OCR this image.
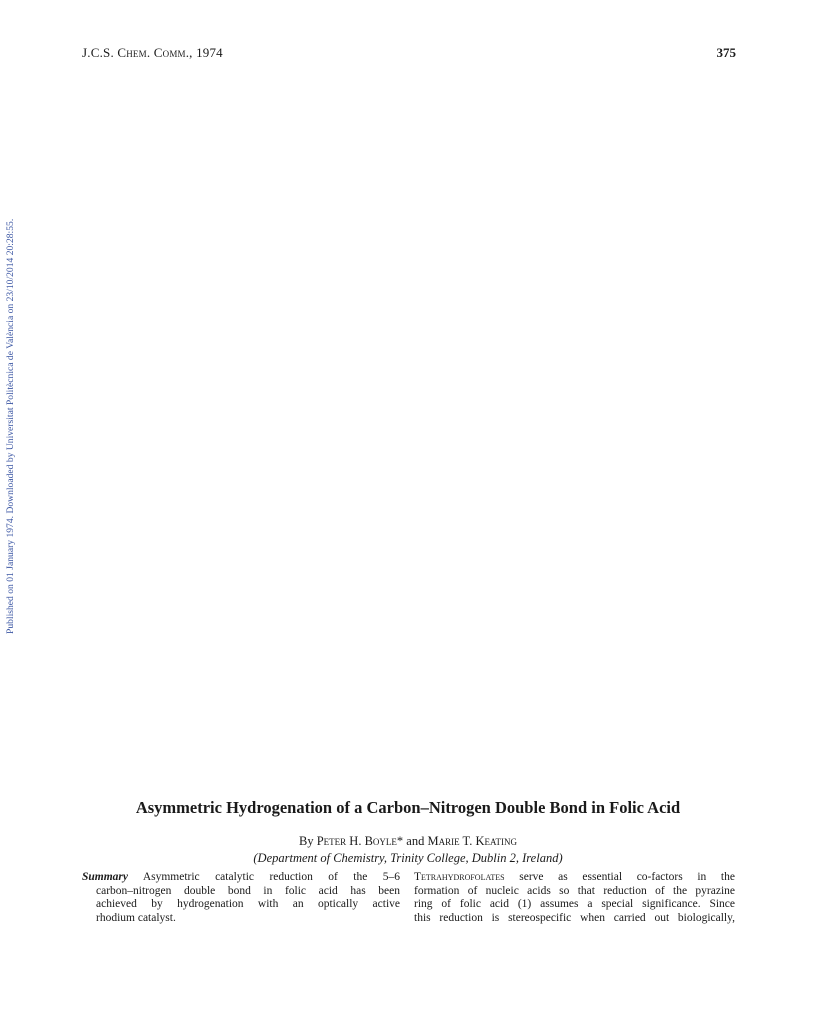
J.C.S. Chem. Comm., 1974	375
Published on 01 January 1974. Downloaded by Universitat Politècnica de València on 23/10/2014 20:28:55.
Asymmetric Hydrogenation of a Carbon–Nitrogen Double Bond in Folic Acid
By Peter H. Boyle* and Marie T. Keating
(Department of Chemistry, Trinity College, Dublin 2, Ireland)
Summary Asymmetric catalytic reduction of the 5–6
carbon–nitrogen double bond in folic acid has been
achieved by hydrogenation with an optically active
rhodium catalyst.
Tetrahydrofolates serve as essential co-factors in the
formation of nucleic acids so that reduction of the pyrazine
ring of folic acid (1) assumes a special significance. Since
this reduction is stereospecific when carried out biologically,
